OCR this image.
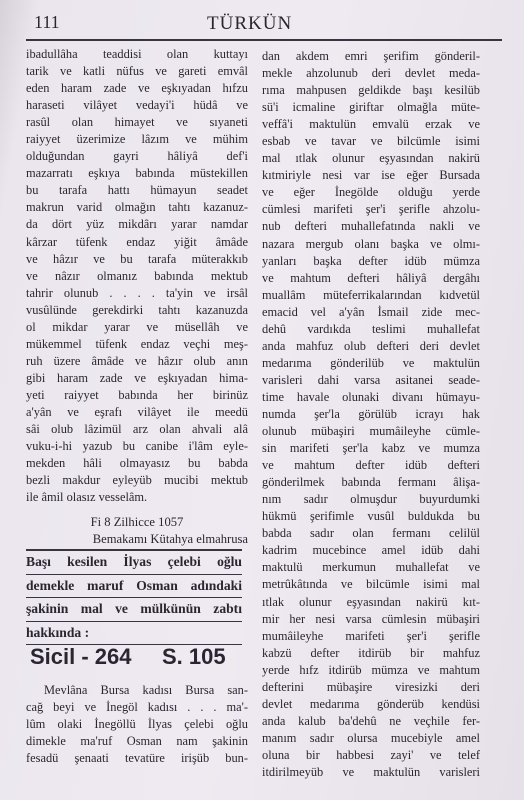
111	TÜRKÜN
ibadullâha teaddisi olan kuttayı
tarik ve katli nüfus ve gareti emvâl
eden haram zade ve eşkıyadan hıfzu
haraseti vilâyet vedayi'i hüdâ ve
rasûl olan himayet ve sıyaneti
raiyyet üzerimize lâzım ve mühim
olduğundan gayri hâliyâ def'i
mazarratı eşkıya babında müstekillen
bu tarafa hattı hümayun seadet
makrun varid olmağın tahtı kazanuz-
da dört yüz mikdârı yarar namdar
kârzar tüfenk endaz yiğit âmâde
ve hâzır ve bu tarafa müterakkıb
ve nâzır olmanız babında mektub
tahrir olunub . . . . ta'yin ve irsâl
vusûlünde gerekdirki tahtı kazanuzda
ol mikdar yarar ve müsellâh ve
mükemmel tüfenk endaz veçhi meş-
ruh üzere âmâde ve hâzır olub anın
gibi haram zade ve eşkıyadan hima-
yeti raiyyet babında her birinüz
a'yân ve eşrafı vilâyet ile meedü
sâi olub lâzimül arz olan ahvali alâ
vuku-i-hi yazub bu canibe i'lâm eyle-
mekden hâli olmayasız bu babda
bezli makdur eyleyüb mucibi mektub
ile âmil olasız vesselâm.
Fi 8 Zilhicce 1057
Bemakamı Kütahya elmahrusa
Başı kesilen İlyas çelebi oğlu
demekle maruf Osman adındaki
şakinin mal ve mülkünün zabtı
hakkında :
Sicil - 264 S. 105
Mevlâna Bursa kadısı Bursa san-
cağ beyi ve İnegöl kadısı . . . ma'-
lûm olaki İnegöllü İlyas çelebi oğlu
dimekle ma'ruf Osman nam şakinin
fesadü şenaati tevatüre irişüb bun-
dan akdem emri şerifim gönderil-
mekle ahzolunub deri devlet meda-
rıma mahpusen geldikde başı kesilüb
sü'i icmaline giriftar olmağla müte-
veffâ'i maktulün emvalü erzak ve
esbab ve tavar ve bilcümle isimi
mal ıtlak olunur eşyasından nakirü
kıtmiriyle nesi var ise eğer Bursada
ve eğer İnegölde olduğu yerde
cümlesi marifeti şer'i şerifle ahzolu-
nub defteri muhallefatında nakli ve
nazara mergub olanı başka ve olmı-
yanları başka defter idüb mümza
ve mahtum defteri hâliyâ dergâhı
muallâm müteferrikalarından kıdvetül
emacid vel a'yân İsmail zide mec-
dehû vardıkda teslimi muhallefat
anda mahfuz olub defteri deri devlet
medarıma gönderilüb ve maktulün
varisleri dahi varsa asitanei seade-
time havale olunaki divanı hümayu-
numda şer'la görülüb icrayı hak
olunub mübaşiri mumâileyhe cümle-
sin marifeti şer'la kabz ve mumza
ve mahtum defter idüb defteri
gönderilmek babında fermanı âlişa-
nım sadır olmuşdur buyurdumki
hükmü şerifimle vusûl buldukda bu
babda sadır olan fermanı celilül
kadrim mucebince amel idüb dahi
maktulü merkumun muhallefat ve
metrûkâtında ve bilcümle isimi mal
ıtlak olunur eşyasından nakirü kıt-
mir her nesi varsa cümlesin mübaşiri
mumâileyhe marifeti şer'i şerifle
kabzü defter itdirüb bir mahfuz
yerde hıfz itdirüb mümza ve mahtum
defterini mübaşire viresizki deri
devlet medarıma gönderüb kendüsi
anda kalub ba'dehû ne veçhile fer-
manım sadır olursa mucebiyle amel
oluna bir habbesi zayi' ve telef
itdirilmeyüb ve maktulün varisleri
